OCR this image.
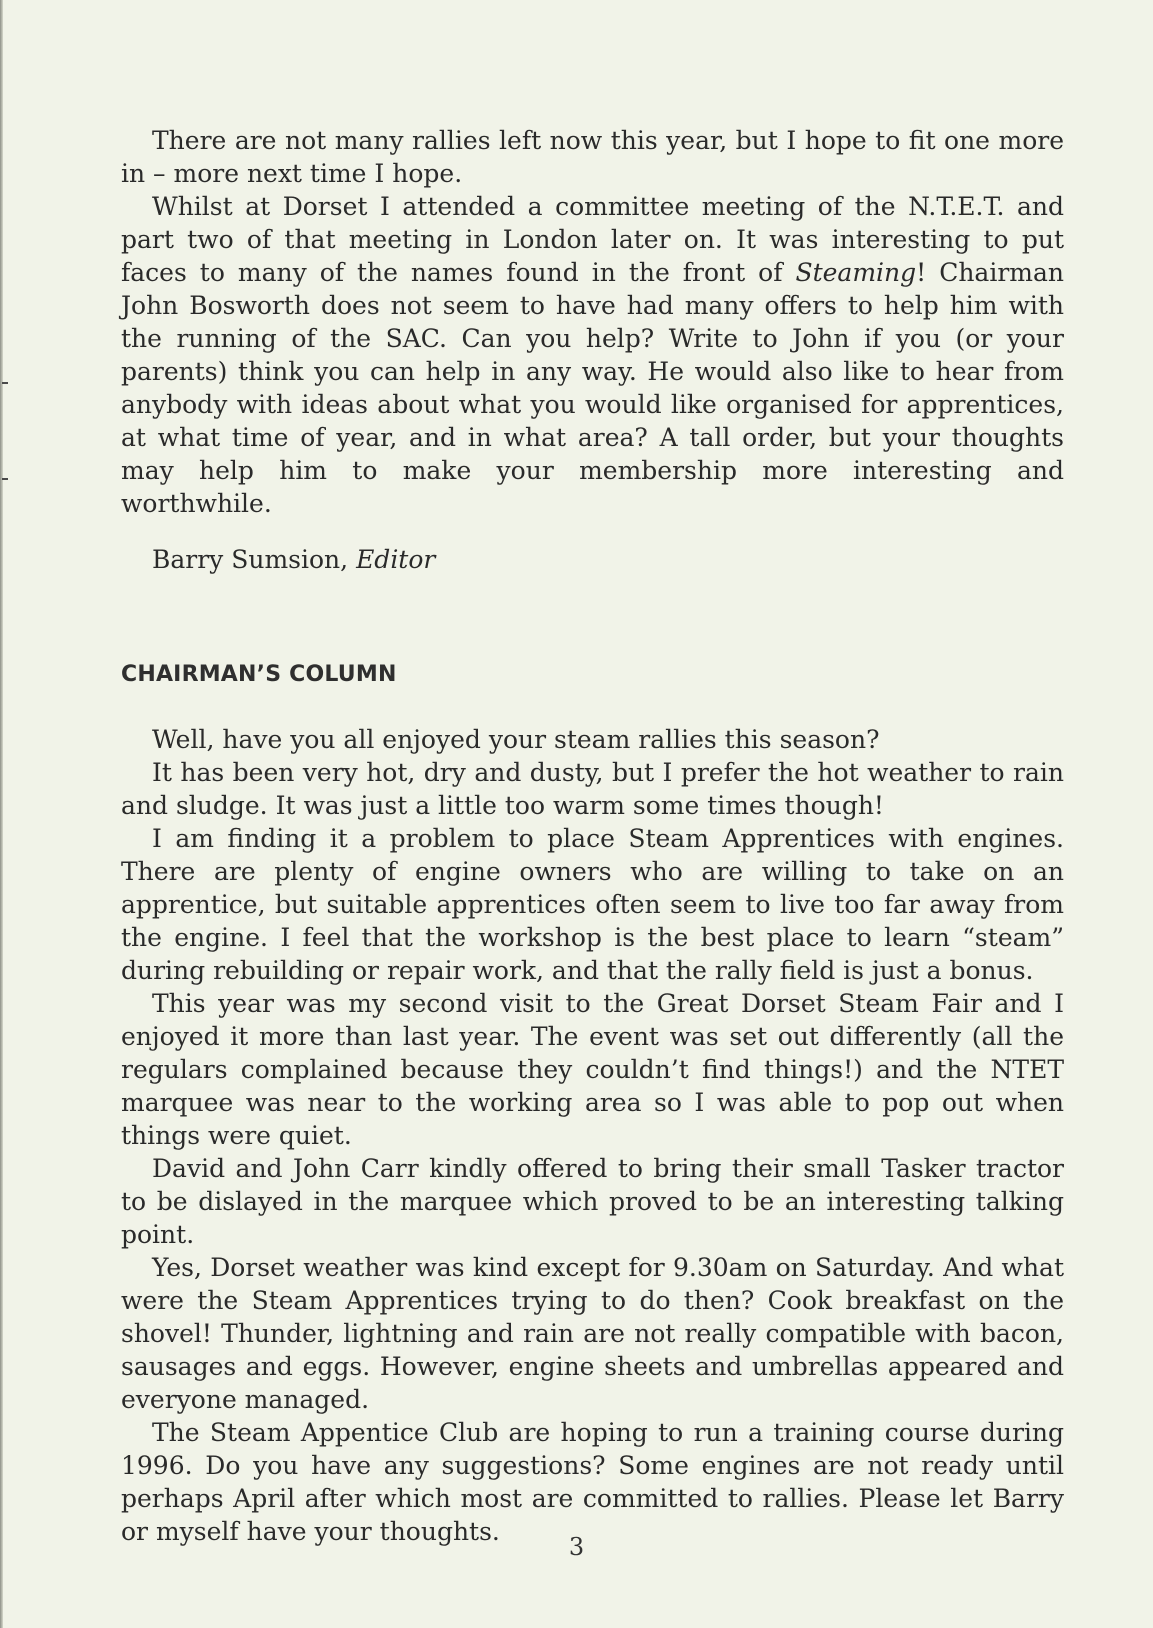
There are not many rallies left now this year, but I hope to fit one more in – more next time I hope.

Whilst at Dorset I attended a committee meeting of the N.T.E.T. and part two of that meeting in London later on. It was interesting to put faces to many of the names found in the front of Steaming! Chairman John Bosworth does not seem to have had many offers to help him with the running of the SAC. Can you help? Write to John if you (or your parents) think you can help in any way. He would also like to hear from anybody with ideas about what you would like organised for apprentices, at what time of year, and in what area? A tall order, but your thoughts may help him to make your membership more interesting and worthwhile.

Barry Sumsion, Editor

CHAIRMAN’S COLUMN

Well, have you all enjoyed your steam rallies this season?

It has been very hot, dry and dusty, but I prefer the hot weather to rain and sludge. It was just a little too warm some times though!

I am finding it a problem to place Steam Apprentices with engines. There are plenty of engine owners who are willing to take on an apprentice, but suitable apprentices often seem to live too far away from the engine. I feel that the workshop is the best place to learn “steam” during rebuilding or repair work, and that the rally field is just a bonus.

This year was my second visit to the Great Dorset Steam Fair and I enjoyed it more than last year. The event was set out differently (all the regulars complained because they couldn’t find things!) and the NTET marquee was near to the working area so I was able to pop out when things were quiet.

David and John Carr kindly offered to bring their small Tasker tractor to be dislayed in the marquee which proved to be an interesting talking point.

Yes, Dorset weather was kind except for 9.30am on Saturday. And what were the Steam Apprentices trying to do then? Cook breakfast on the shovel! Thunder, lightning and rain are not really compatible with bacon, sausages and eggs. However, engine sheets and umbrellas appeared and everyone managed.

The Steam Appentice Club are hoping to run a training course during 1996. Do you have any suggestions? Some engines are not ready until perhaps April after which most are committed to rallies. Please let Barry or myself have your thoughts.

3
